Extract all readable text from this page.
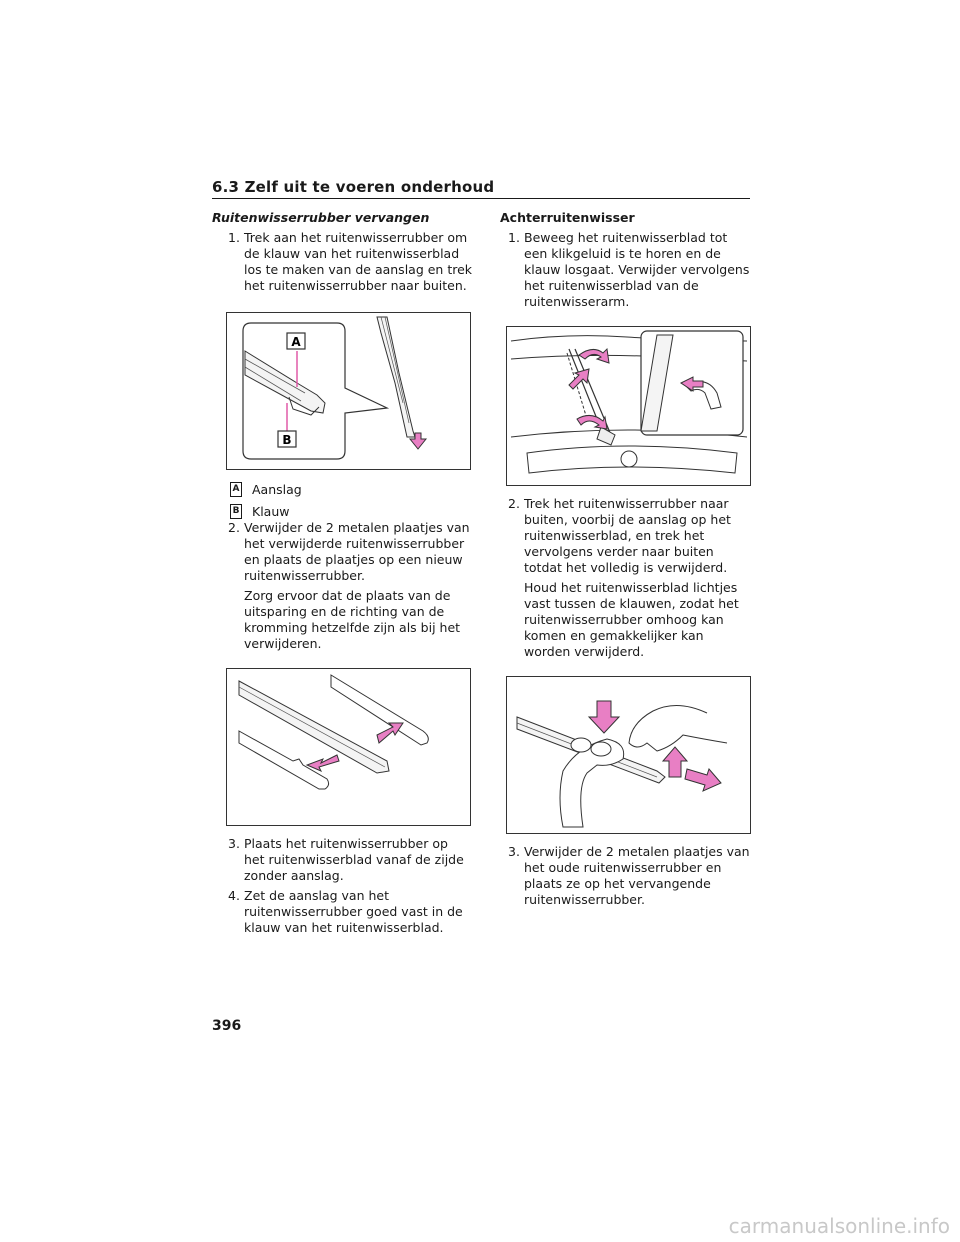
6.3 Zelf uit te voeren onderhoud
Ruitenwisserrubber vervangen
1. Trek aan het ruitenwisserrubber om de klauw van het ruitenwisserblad los te maken van de aanslag en trek het ruitenwisserrubber naar buiten.

A
B
A Aanslag
B Klauw
2. Verwijder de 2 metalen plaatjes van het verwijderde ruitenwisserrubber en plaats de plaatjes op een nieuw ruitenwisserrubber.

Zorg ervoor dat de plaats van de uitsparing en de richting van de kromming hetzelfde zijn als bij het verwijderen.

3. Plaats het ruitenwisserrubber op het ruitenwisserblad vanaf de zijde zonder aanslag.

4. Zet de aanslag van het ruitenwisserrubber goed vast in de klauw van het ruitenwisserblad.

Achterruitenwisser
1. Beweeg het ruitenwisserblad tot een klikgeluid is te horen en de klauw losgaat. Verwijder vervolgens het ruitenwisserblad van de ruitenwisserarm.

2. Trek het ruitenwisserrubber naar buiten, voorbij de aanslag op het ruitenwisserblad, en trek het vervolgens verder naar buiten totdat het volledig is verwijderd.

Houd het ruitenwisserblad lichtjes vast tussen de klauwen, zodat het ruitenwisserrubber omhoog kan komen en gemakkelijker kan worden verwijderd.

3. Verwijder de 2 metalen plaatjes van het oude ruitenwisserrubber en plaats ze op het vervangende ruitenwisserrubber.

396
carmanualsonline.info
